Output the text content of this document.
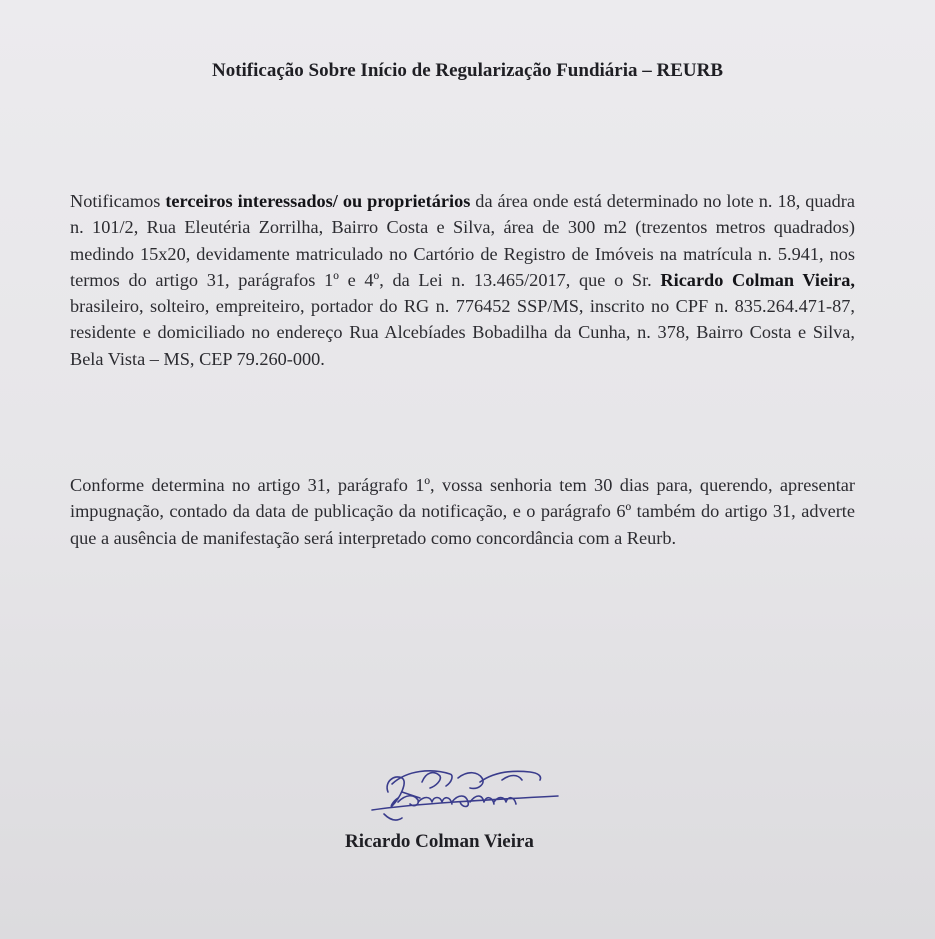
Notificação Sobre Início de Regularização Fundiária – REURB
Notificamos terceiros interessados/ ou proprietários da área onde está determinado no lote n. 18, quadra n. 101/2, Rua Eleutéria Zorrilha, Bairro Costa e Silva, área de 300 m2 (trezentos metros quadrados) medindo 15x20, devidamente matriculado no Cartório de Registro de Imóveis na matrícula n. 5.941, nos termos do artigo 31, parágrafos 1º e 4º, da Lei n. 13.465/2017, que o Sr. Ricardo Colman Vieira, brasileiro, solteiro, empreiteiro, portador do RG n. 776452 SSP/MS, inscrito no CPF n. 835.264.471-87, residente e domiciliado no endereço Rua Alcebíades Bobadilha da Cunha, n. 378, Bairro Costa e Silva, Bela Vista – MS, CEP 79.260-000.
Conforme determina no artigo 31, parágrafo 1º, vossa senhoria tem 30 dias para, querendo, apresentar impugnação, contado da data de publicação da notificação, e o parágrafo 6º também do artigo 31, adverte que a ausência de manifestação será interpretado como concordância com a Reurb.
Ricardo Colman Vieira
